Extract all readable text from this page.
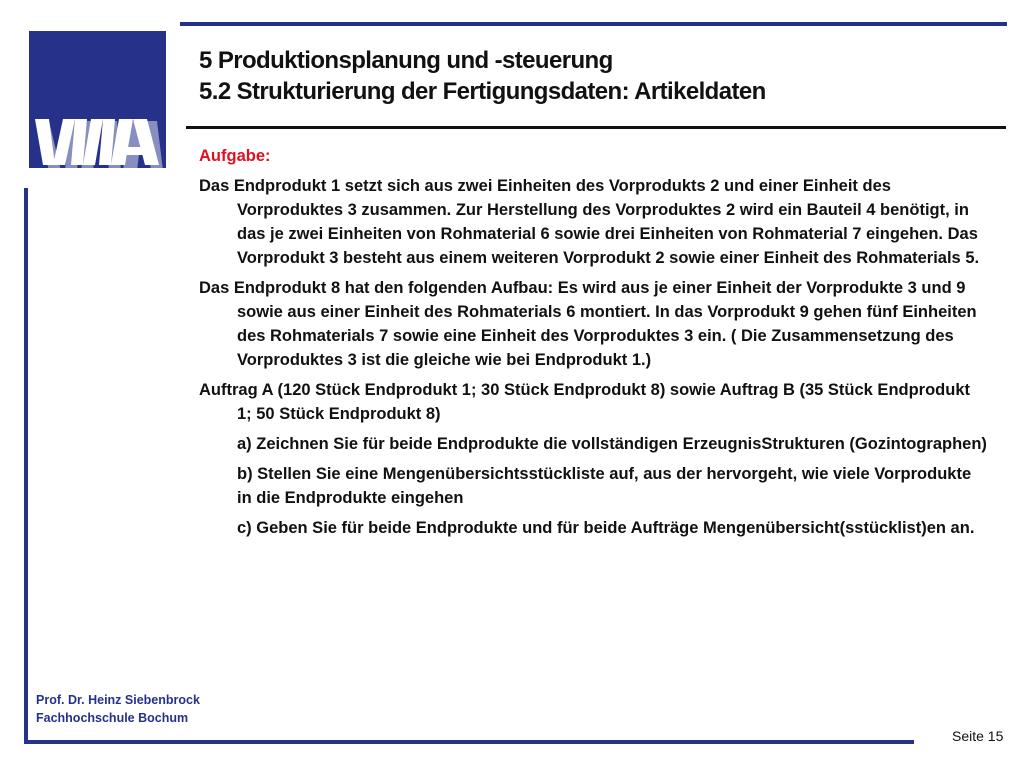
VWA	5 Produktionsplanung und -steuerung
5.2 Strukturierung der Fertigungsdaten: Artikeldaten

Aufgabe:

Das Endprodukt 1 setzt sich aus zwei Einheiten des Vorprodukts 2 und einer Einheit des Vorproduktes 3 zusammen. Zur Herstellung des Vorproduktes 2 wird ein Bauteil 4 benötigt, in das je zwei Einheiten von Rohmaterial 6 sowie drei Einheiten von Rohmaterial 7 eingehen. Das Vorprodukt 3 besteht aus einem weiteren Vorprodukt 2 sowie einer Einheit des Rohmaterials 5.

Das Endprodukt 8 hat den folgenden Aufbau: Es wird aus je einer Einheit der Vorprodukte 3 und 9 sowie aus einer Einheit des Rohmaterials 6 montiert. In das Vorprodukt 9 gehen fünf Einheiten des Rohmaterials 7 sowie eine Einheit des Vorproduktes 3 ein. ( Die Zusammensetzung des Vorproduktes 3 ist die gleiche wie bei Endprodukt 1.)

Auftrag A (120 Stück Endprodukt 1; 30 Stück Endprodukt 8) sowie Auftrag B (35 Stück Endprodukt 1; 50 Stück Endprodukt 8)

a) Zeichnen Sie für beide Endprodukte die vollständigen ErzeugnisStrukturen (Gozintographen)

b) Stellen Sie eine Mengenübersichtsstückliste auf, aus der hervorgeht, wie viele Vorprodukte in die Endprodukte eingehen

c) Geben Sie für beide Endprodukte und für beide Aufträge Mengenübersicht(sstücklist)en an.

Prof. Dr. Heinz Siebenbrock

Fachhochschule Bochum

Seite 15
